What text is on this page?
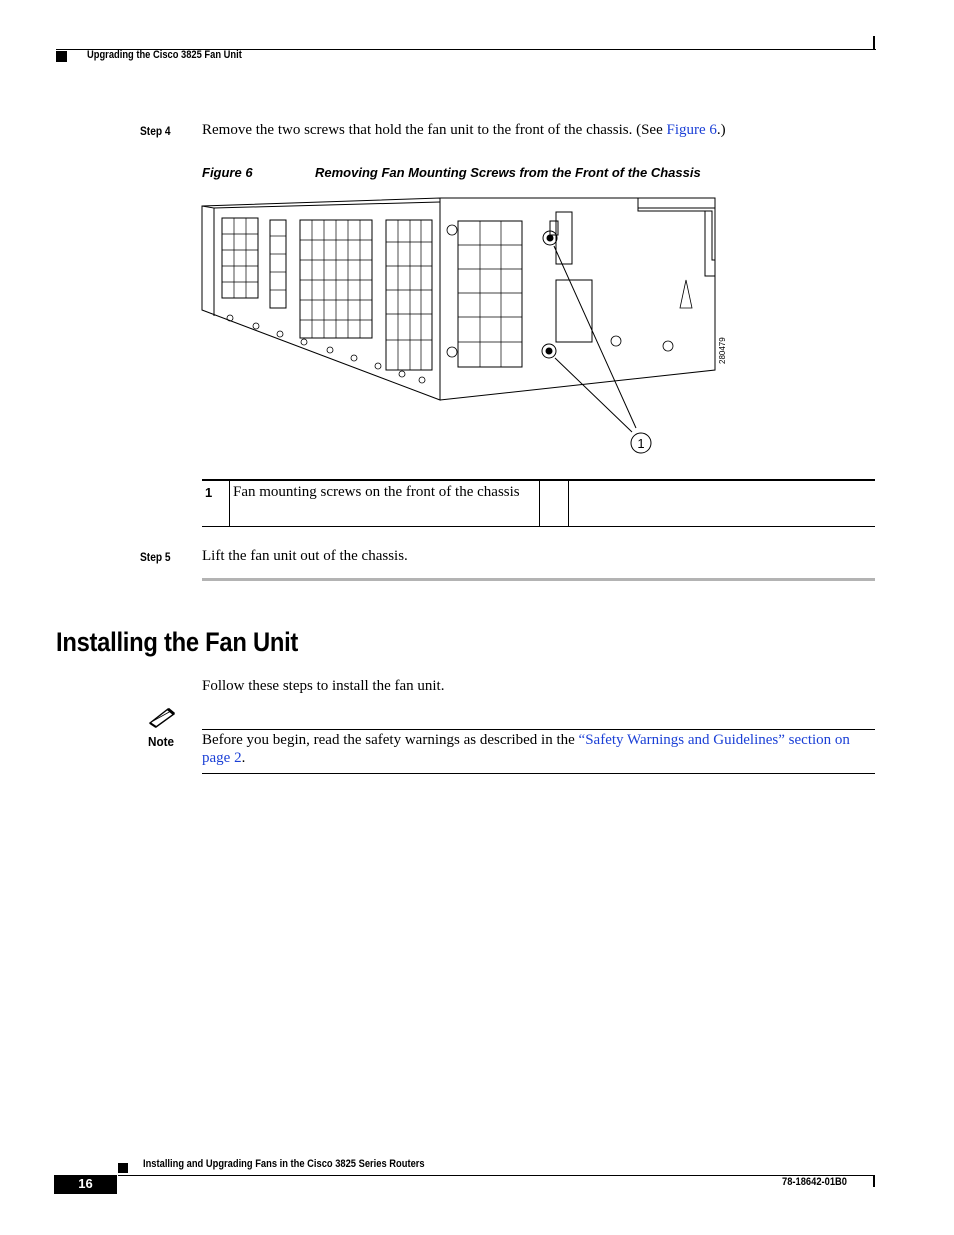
Upgrading the Cisco 3825 Fan Unit
Step 4 Remove the two screws that hold the fan unit to the front of the chassis. (See Figure 6.)
Figure 6	Removing Fan Mounting Screws from the Front of the Chassis
1
280479
1	Fan mounting screws on the front of the chassis
Step 5 Lift the fan unit out of the chassis.
Installing the Fan Unit
Follow these steps to install the fan unit.
Note Before you begin, read the safety warnings as described in the “Safety Warnings and Guidelines” section on page 2.
Installing and Upgrading Fans in the Cisco 3825 Series Routers
16	78-18642-01B0
